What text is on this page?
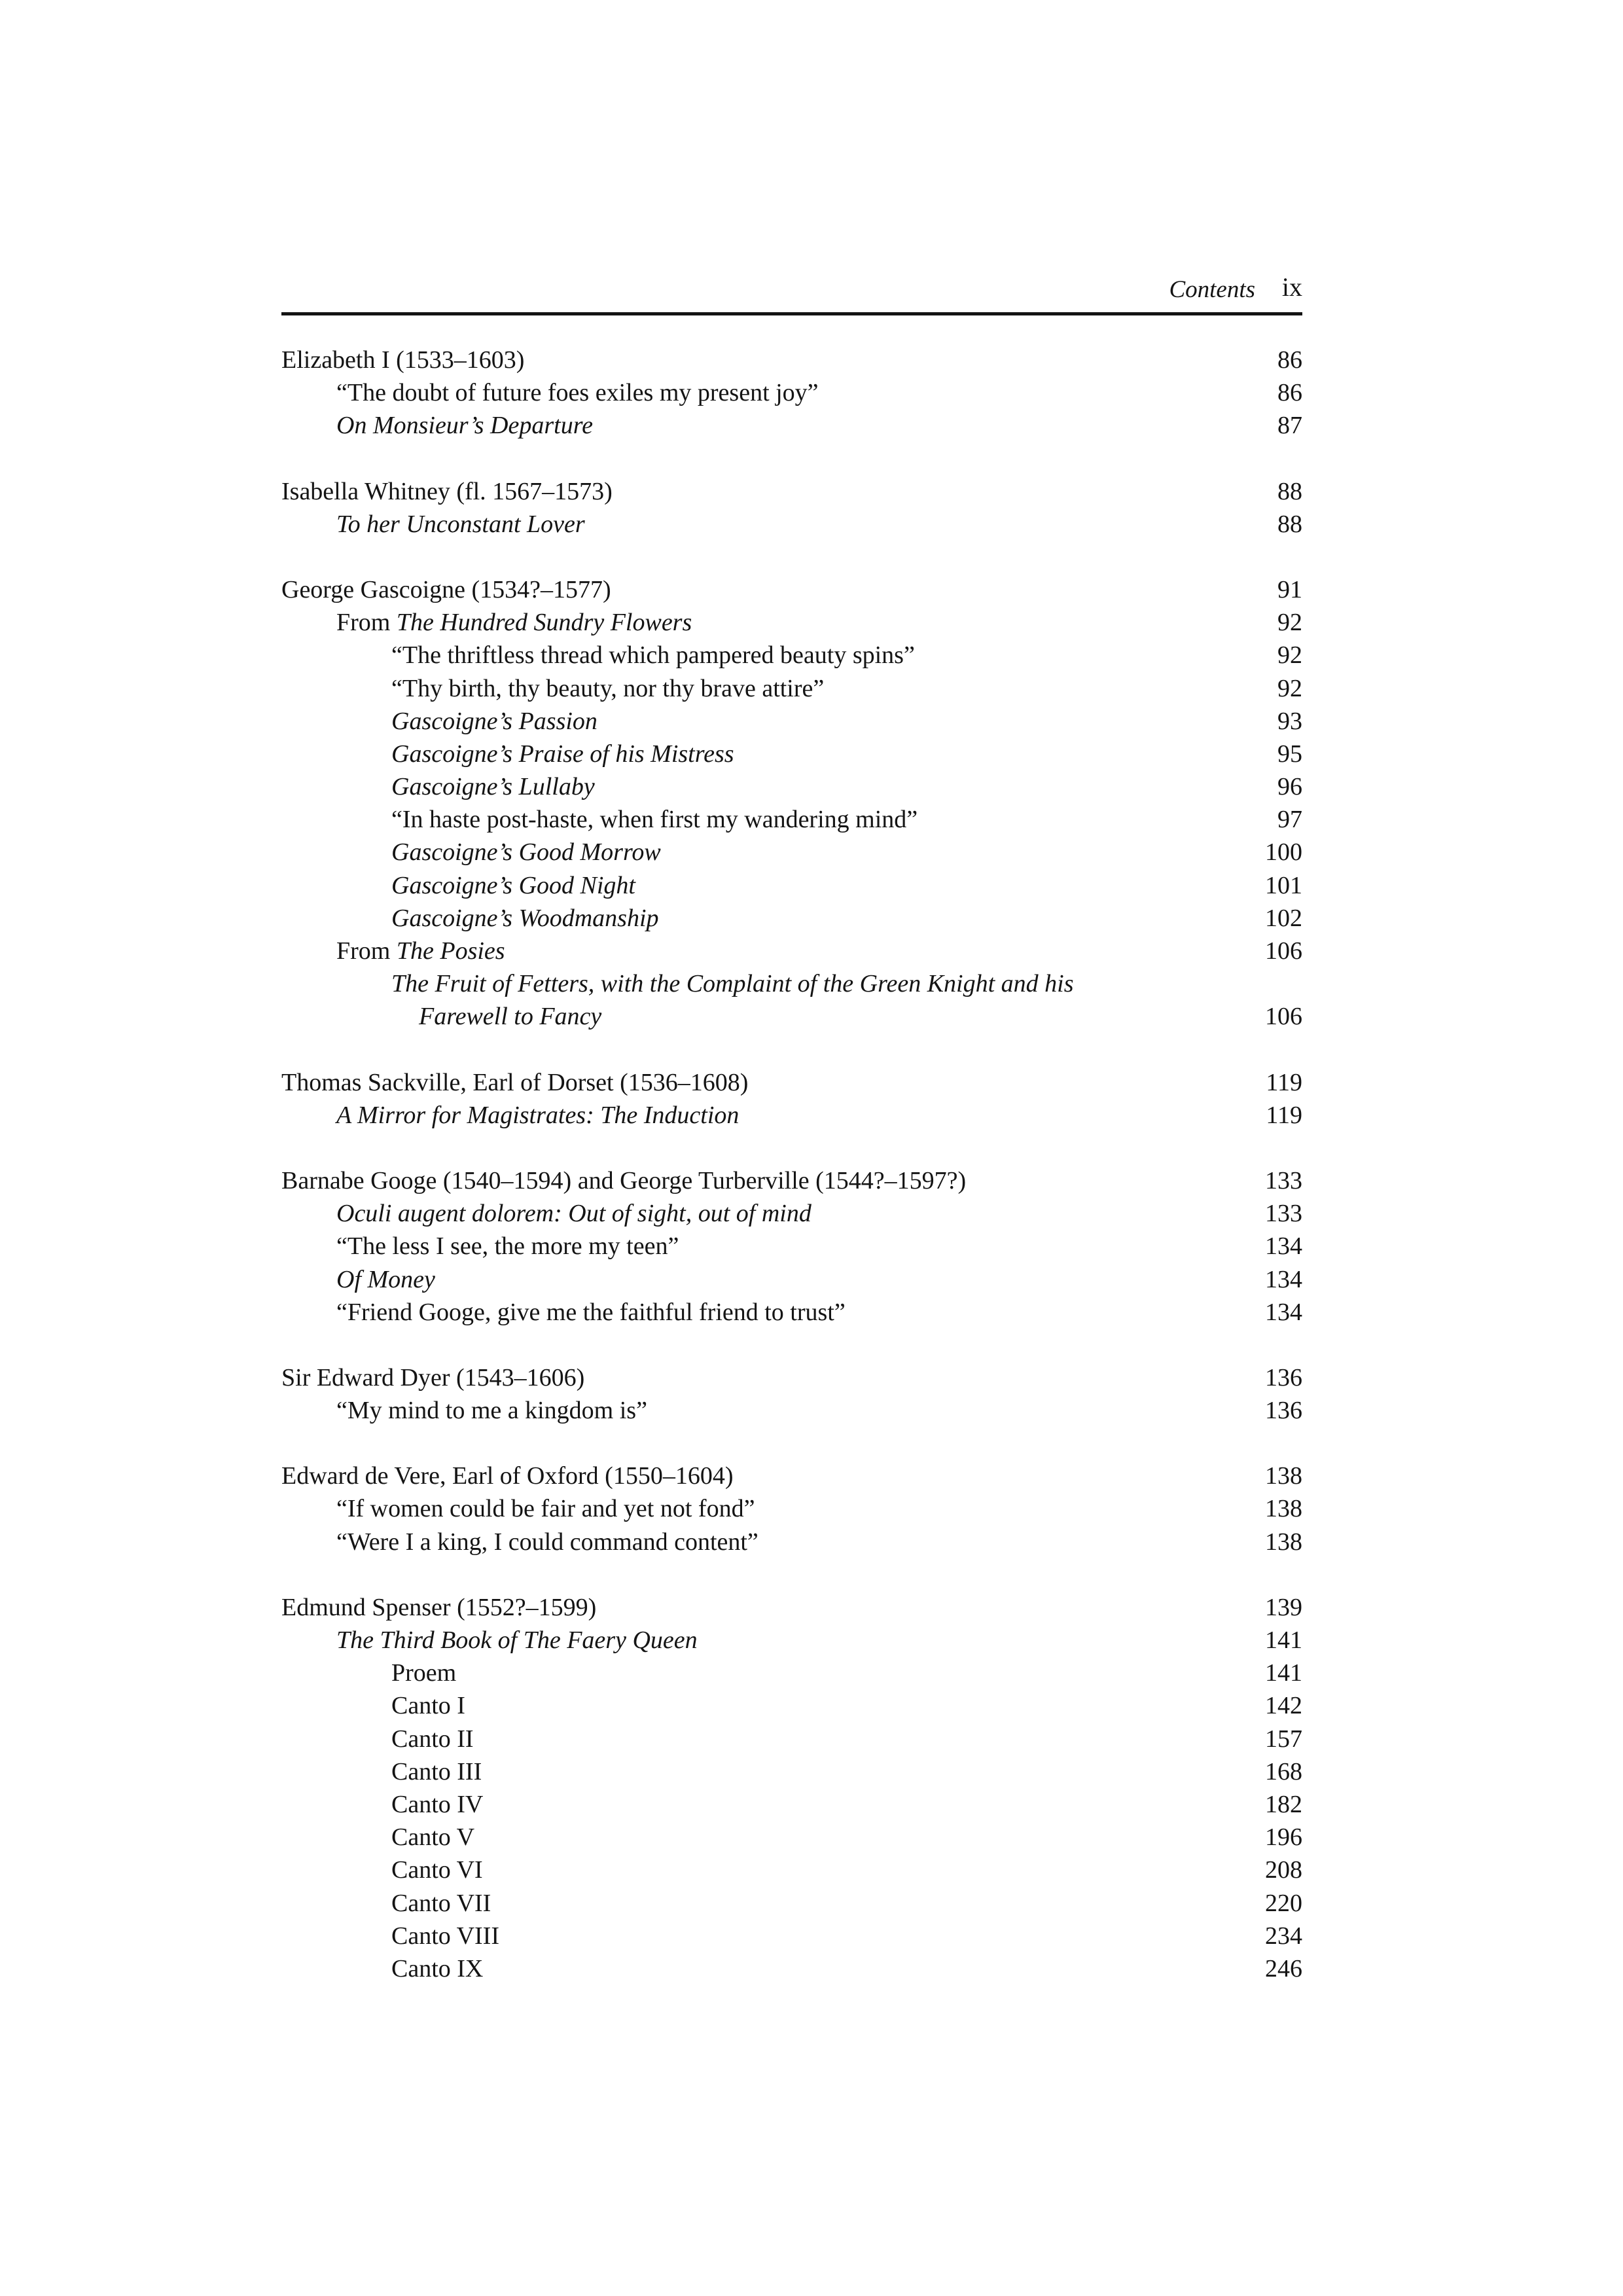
Contents ix
Elizabeth I (1533–1603)	86
“The doubt of future foes exiles my present joy”	86
On Monsieur’s Departure	87
Isabella Whitney (fl. 1567–1573)	88
To her Unconstant Lover	88
George Gascoigne (1534?–1577)	91
From The Hundred Sundry Flowers	92
“The thriftless thread which pampered beauty spins”	92
“Thy birth, thy beauty, nor thy brave attire”	92
Gascoigne’s Passion	93
Gascoigne’s Praise of his Mistress	95
Gascoigne’s Lullaby	96
“In haste post-haste, when first my wandering mind”	97
Gascoigne’s Good Morrow	100
Gascoigne’s Good Night	101
Gascoigne’s Woodmanship	102
From The Posies	106
The Fruit of Fetters, with the Complaint of the Green Knight and his
Farewell to Fancy	106
Thomas Sackville, Earl of Dorset (1536–1608)	119
A Mirror for Magistrates: The Induction	119
Barnabe Googe (1540–1594) and George Turberville (1544?–1597?)	133
Oculi augent dolorem: Out of sight, out of mind	133
“The less I see, the more my teen”	134
Of Money	134
“Friend Googe, give me the faithful friend to trust”	134
Sir Edward Dyer (1543–1606)	136
“My mind to me a kingdom is”	136
Edward de Vere, Earl of Oxford (1550–1604)	138
“If women could be fair and yet not fond”	138
“Were I a king, I could command content”	138
Edmund Spenser (1552?–1599)	139
The Third Book of The Faery Queen	141
Proem	141
Canto I	142
Canto II	157
Canto III	168
Canto IV	182
Canto V	196
Canto VI	208
Canto VII	220
Canto VIII	234
Canto IX	246
